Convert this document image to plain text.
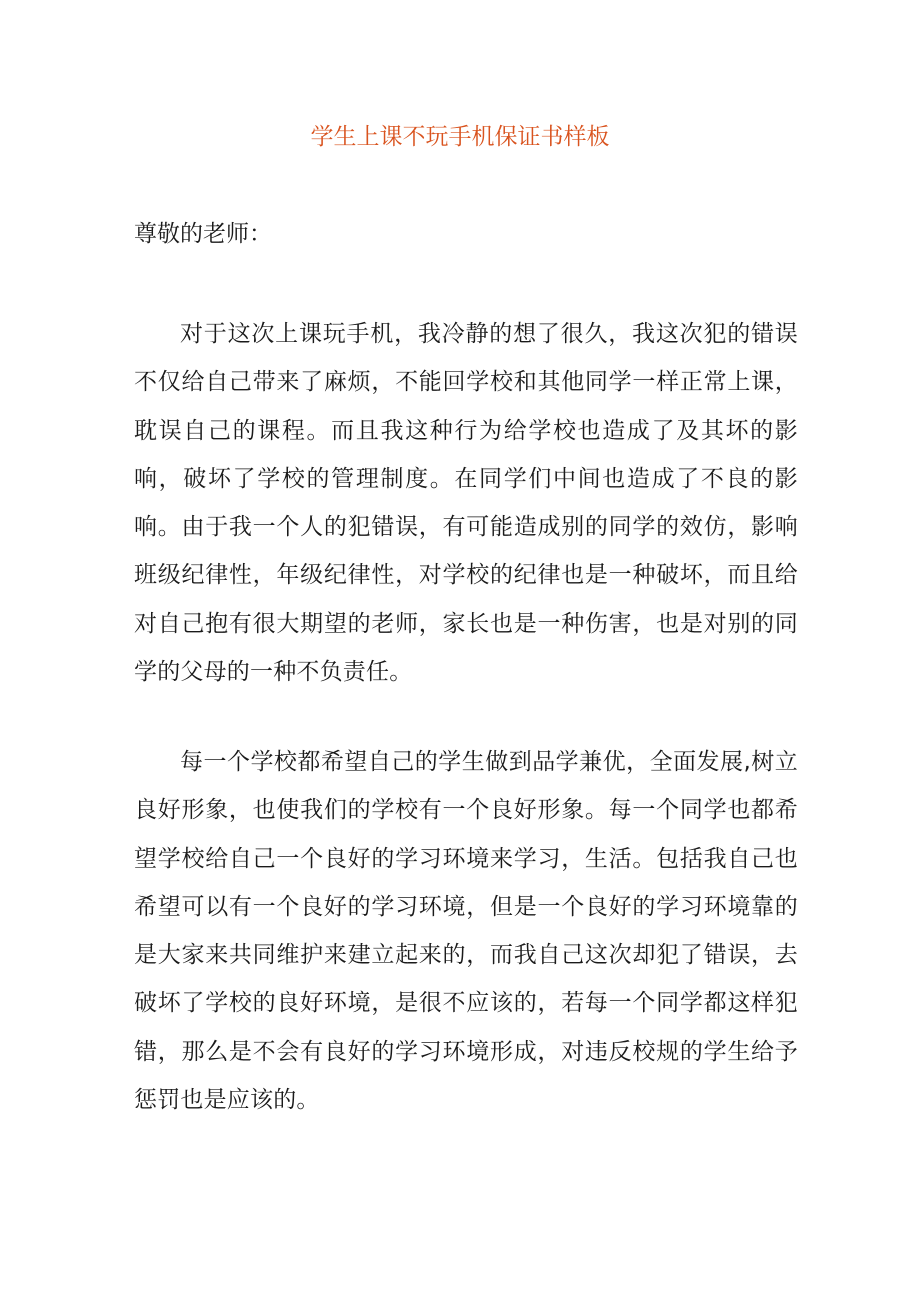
学生上课不玩手机保证书样板

尊敬的老师：

对于这次上课玩手机，我冷静的想了很久，我这次犯的错误不仅给自己带来了麻烦，不能回学校和其他同学一样正常上课，耽误自己的课程。而且我这种行为给学校也造成了及其坏的影响，破坏了学校的管理制度。在同学们中间也造成了不良的影响。由于我一个人的犯错误，有可能造成别的同学的效仿，影响班级纪律性，年级纪律性，对学校的纪律也是一种破坏，而且给对自己抱有很大期望的老师，家长也是一种伤害，也是对别的同学的父母的一种不负责任。

每一个学校都希望自己的学生做到品学兼优，全面发展,树立良好形象，也使我们的学校有一个良好形象。每一个同学也都希望学校给自己一个良好的学习环境来学习，生活。包括我自己也希望可以有一个良好的学习环境，但是一个良好的学习环境靠的是大家来共同维护来建立起来的，而我自己这次却犯了错误，去破坏了学校的良好环境，是很不应该的，若每一个同学都这样犯错，那么是不会有良好的学习环境形成，对违反校规的学生给予惩罚也是应该的。
